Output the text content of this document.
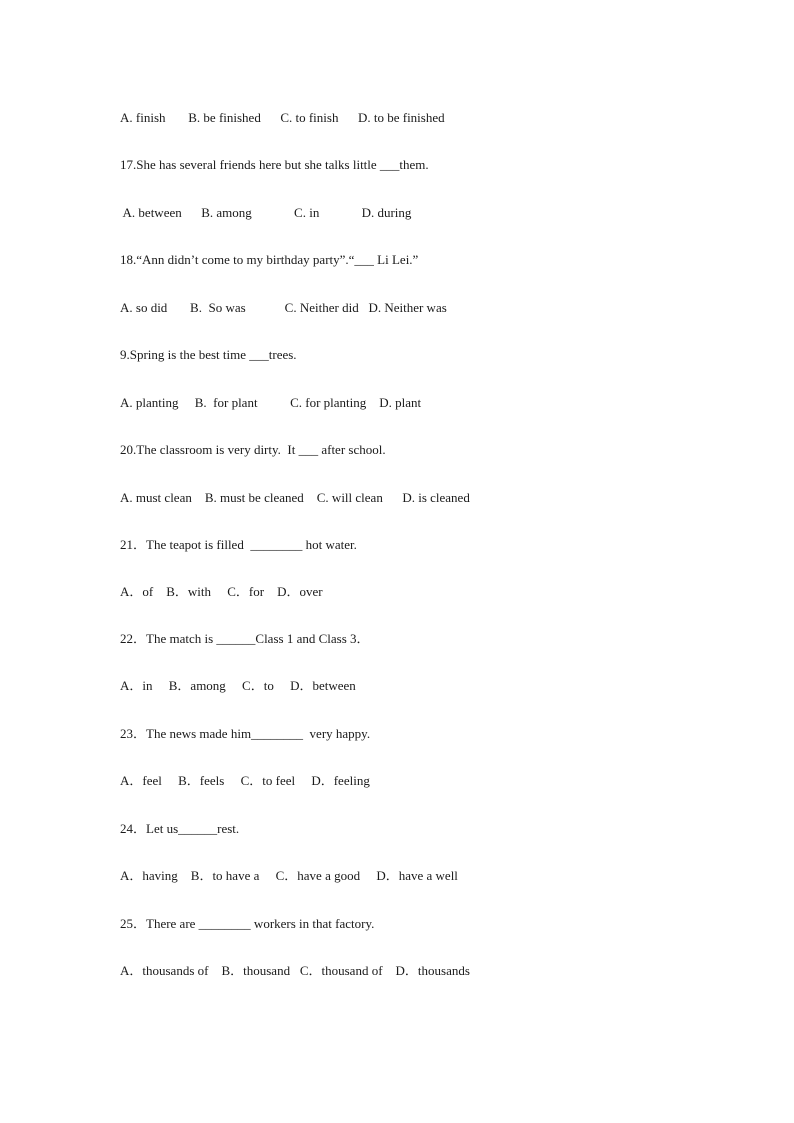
A. finish       B. be finished      C. to finish      D. to be finished
17.She has several friends here but she talks little ___them.
A. between      B. among             C. in             D. during
18.“Ann didn’t come to my birthday party”.“___ Li Lei.”
A. so did       B.  So was            C. Neither did   D. Neither was
9.Spring is the best time ___trees.
A. planting     B.  for plant          C. for planting    D. plant
20.The classroom is very dirty.  It ___ after school.
A. must clean    B. must be cleaned    C. will clean      D. is cleaned
21．The teapot is filled  ________ hot water.
A．of    B．with     C．for    D．over
22．The match is ______Class 1 and Class 3．
A．in     B．among     C．to     D．between
23．The news made him________  very happy.
A．feel     B．feels     C．to feel     D．feeling
24．Let us______rest.
A．having    B．to have a     C．have a good     D．have a well
25．There are ________ workers in that factory.
A．thousands of    B．thousand   C．thousand of    D．thousands
